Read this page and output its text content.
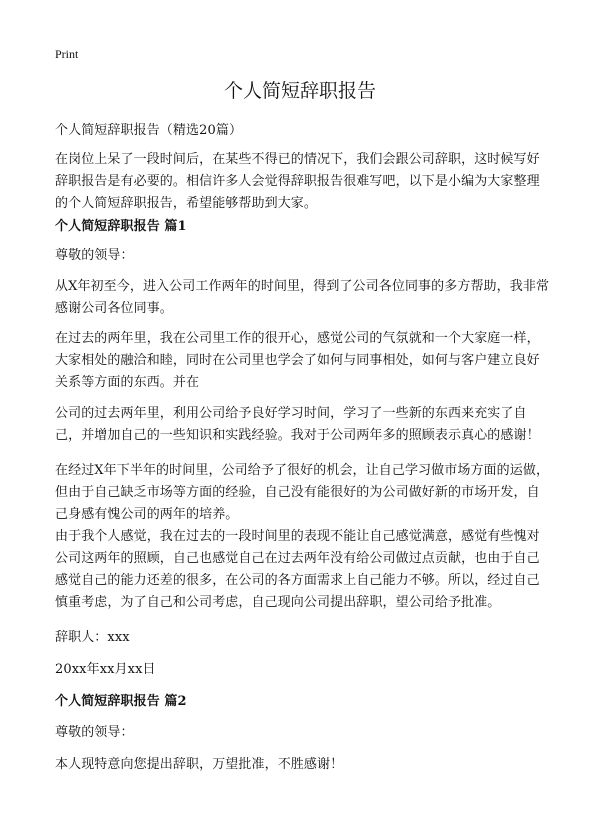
Print
个人简短辞职报告

个人简短辞职报告（精选20篇）

在岗位上呆了一段时间后，在某些不得已的情况下，我们会跟公司辞职，这时候写好辞职报告是有必要的。相信许多人会觉得辞职报告很难写吧，以下是小编为大家整理的个人简短辞职报告，希望能够帮助到大家。

个人简短辞职报告 篇1

尊敬的领导：

从X年初至今，进入公司工作两年的时间里，得到了公司各位同事的多方帮助，我非常感谢公司各位同事。

在过去的两年里，我在公司里工作的很开心，感觉公司的气氛就和一个大家庭一样，大家相处的融洽和睦，同时在公司里也学会了如何与同事相处，如何与客户建立良好关系等方面的东西。并在

公司的过去两年里，利用公司给予良好学习时间，学习了一些新的东西来充实了自己，并增加自己的一些知识和实践经验。我对于公司两年多的照顾表示真心的感谢！

在经过X年下半年的时间里，公司给予了很好的机会，让自己学习做市场方面的运做，但由于自己缺乏市场等方面的经验，自己没有能很好的为公司做好新的市场开发，自己身感有愧公司的两年的培养。

由于我个人感觉，我在过去的一段时间里的表现不能让自己感觉满意，感觉有些愧对公司这两年的照顾，自己也感觉自己在过去两年没有给公司做过点贡献，也由于自己感觉自己的能力还差的很多，在公司的各方面需求上自己能力不够。所以，经过自己慎重考虑，为了自己和公司考虑，自己现向公司提出辞职，望公司给予批准。

辞职人：xxx

20xx年xx月xx日

个人简短辞职报告 篇2

尊敬的领导：

本人现特意向您提出辞职，万望批准，不胜感谢！
